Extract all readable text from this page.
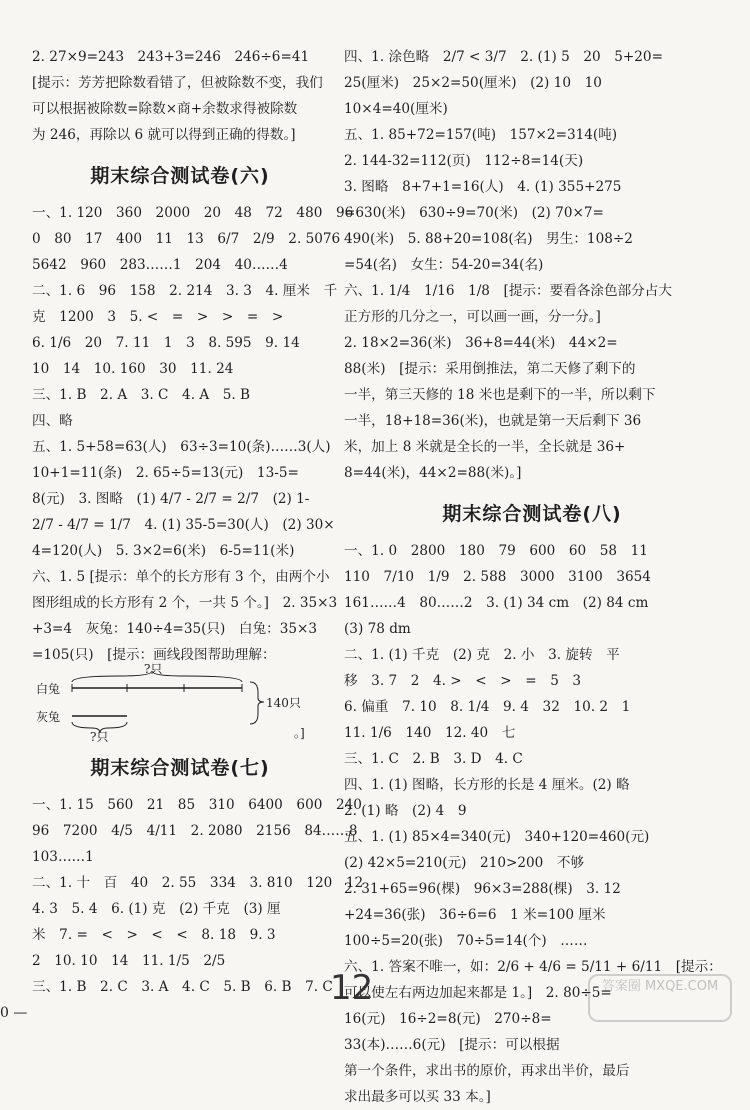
2. 27×9=243　243+3=246　246÷6=41
[提示：芳芳把除数看错了，但被除数不变，我们
可以根据被除数=除数×商+余数求得被除数
为 246，再除以 6 就可以得到正确的得数。]
期末综合测试卷(六)
一、1. 120　360　2000　20　48　72　480　96
0　80　17　400　11　13　6/7　2/9　2. 5076
5642　960　283……1　204　40……4
二、1. 6　96　158　2. 214　3. 3　4. 厘米　千
克　1200　3　5. <　=　>　>　=　>
6. 1/6　20　7. 11　1　3　8. 595　9. 14
10　14　10. 160　30　11. 24
三、1. B　2. A　3. C　4. A　5. B
四、略
五、1. 5+58=63(人)　63÷3=10(条)……3(人)
10+1=11(条)　2. 65÷5=13(元)　13-5=
8(元)　3. 图略　(1) 4/7 - 2/7 = 2/7　(2) 1-
2/7 - 4/7 = 1/7　4. (1) 35-5=30(人)　(2) 30×
4=120(人)　5. 3×2=6(米)　6-5=11(米)
六、1. 5 [提示：单个的长方形有 3 个，由两个小
图形组成的长方形有 2 个，一共 5 个。]　2. 35×3
+3=4　灰兔：140÷4=35(只)　白兔：35×3
=105(只)　[提示：画线段图帮助理解：
白兔
灰兔
?只
?只
140只
。]
期末综合测试卷(七)
一、1. 15　560　21　85　310　6400　600　240
96　7200　4/5　4/11　2. 2080　2156　84……8
103……1
二、1. 十　百　40　2. 55　334　3. 810　120　12
4. 3　5. 4　6. (1) 克　(2) 千克　(3) 厘
米　7. =　<　>　<　<　8. 18　9. 3
2　10. 10　14　11. 1/5　2/5
三、1. B　2. C　3. A　4. C　5. B　6. B　7. C
四、1. 涂色略　2/7 < 3/7　2. (1) 5　20　5+20=
25(厘米)　25×2=50(厘米)　(2) 10　10
10×4=40(厘米)
五、1. 85+72=157(吨)　157×2=314(吨)
2. 144-32=112(页)　112÷8=14(天)
3. 图略　8+7+1=16(人)　4. (1) 355+275
=630(米)　630÷9=70(米)　(2) 70×7=
490(米)　5. 88+20=108(名)　男生：108÷2
=54(名)　女生：54-20=34(名)
六、1. 1/4　1/16　1/8　[提示：要看各涂色部分占大
正方形的几分之一，可以画一画，分一分。]
2. 18×2=36(米)　36+8=44(米)　44×2=
88(米)　[提示：采用倒推法，第二天修了剩下的
一半，第三天修的 18 米也是剩下的一半，所以剩下
一半，18+18=36(米)，也就是第一天后剩下 36
米，加上 8 米就是全长的一半，全长就是 36+
8=44(米)，44×2=88(米)。]
期末综合测试卷(八)
一、1. 0　2800　180　79　600　60　58　11
110　7/10　1/9　2. 588　3000　3100　3654
161……4　80……2　3. (1) 34 cm　(2) 84 cm
(3) 78 dm
二、1. (1) 千克　(2) 克　2. 小　3. 旋转　平
移　3. 7　2　4. >　<　>　=　5　3
6. 偏重　7. 10　8. 1/4　9. 4　32　10. 2　1
11. 1/6　140　12. 40　七
三、1. C　2. B　3. D　4. C
四、1. (1) 图略，长方形的长是 4 厘米。(2) 略
2. (1) 略　(2) 4　9
五、1. (1) 85×4=340(元)　340+120=460(元)
(2) 42×5=210(元)　210>200　不够
2. 31+65=96(棵)　96×3=288(棵)　3. 12
+24=36(张)　36÷6=6　1 米=100 厘米
100÷5=20(张)　70÷5=14(个)　……
六、1. 答案不唯一，如：2/6 + 4/6 = 5/11 + 6/11　[提示：
可以使左右两边加起来都是 1。]　2. 80÷5=
16(元)　16÷2=8(元)　270÷8=
33(本)……6(元)　[提示：可以根据
第一个条件，求出书的原价，再求出半价，最后
求出最多可以买 33 本。]
12
0 —
答案圈 MXQE.COM
